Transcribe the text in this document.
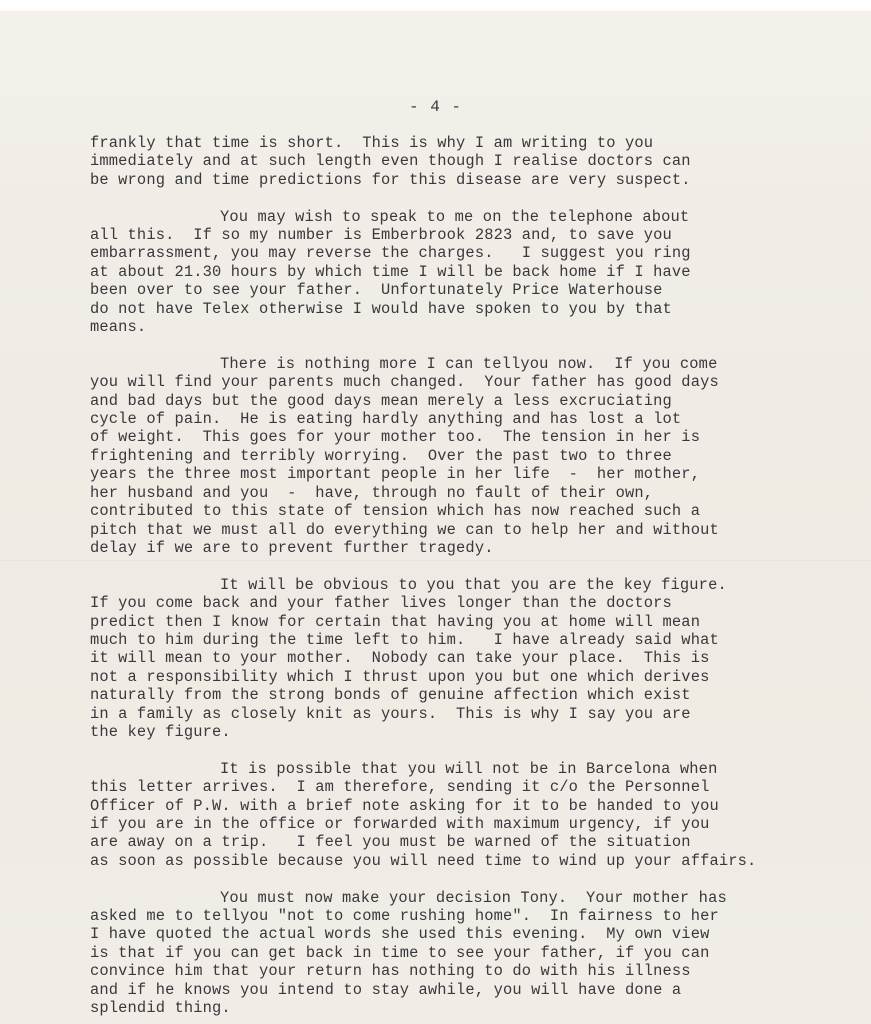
- 4 -
frankly that time is short.  This is why I am writing to you
immediately and at such length even though I realise doctors can
be wrong and time predictions for this disease are very suspect.
You may wish to speak to me on the telephone about
all this.  If so my number is Emberbrook 2823 and, to save you
embarrassment, you may reverse the charges.   I suggest you ring
at about 21.30 hours by which time I will be back home if I have
been over to see your father.  Unfortunately Price Waterhouse
do not have Telex otherwise I would have spoken to you by that
means.
There is nothing more I can tellyou now.  If you come
you will find your parents much changed.  Your father has good days
and bad days but the good days mean merely a less excruciating
cycle of pain.  He is eating hardly anything and has lost a lot
of weight.  This goes for your mother too.  The tension in her is
frightening and terribly worrying.  Over the past two to three
years the three most important people in her life  -  her mother,
her husband and you  -  have, through no fault of their own,
contributed to this state of tension which has now reached such a
pitch that we must all do everything we can to help her and without
delay if we are to prevent further tragedy.
It will be obvious to you that you are the key figure.
If you come back and your father lives longer than the doctors
predict then I know for certain that having you at home will mean
much to him during the time left to him.   I have already said what
it will mean to your mother.  Nobody can take your place.  This is
not a responsibility which I thrust upon you but one which derives
naturally from the strong bonds of genuine affection which exist
in a family as closely knit as yours.  This is why I say you are
the key figure.
It is possible that you will not be in Barcelona when
this letter arrives.  I am therefore, sending it c/o the Personnel
Officer of P.W. with a brief note asking for it to be handed to you
if you are in the office or forwarded with maximum urgency, if you
are away on a trip.   I feel you must be warned of the situation
as soon as possible because you will need time to wind up your affairs.
You must now make your decision Tony.  Your mother has
asked me to tellyou "not to come rushing home".  In fairness to her
I have quoted the actual words she used this evening.  My own view
is that if you can get back in time to see your father, if you can
convince him that your return has nothing to do with his illness
and if he knows you intend to stay awhile, you will have done a
splendid thing.
